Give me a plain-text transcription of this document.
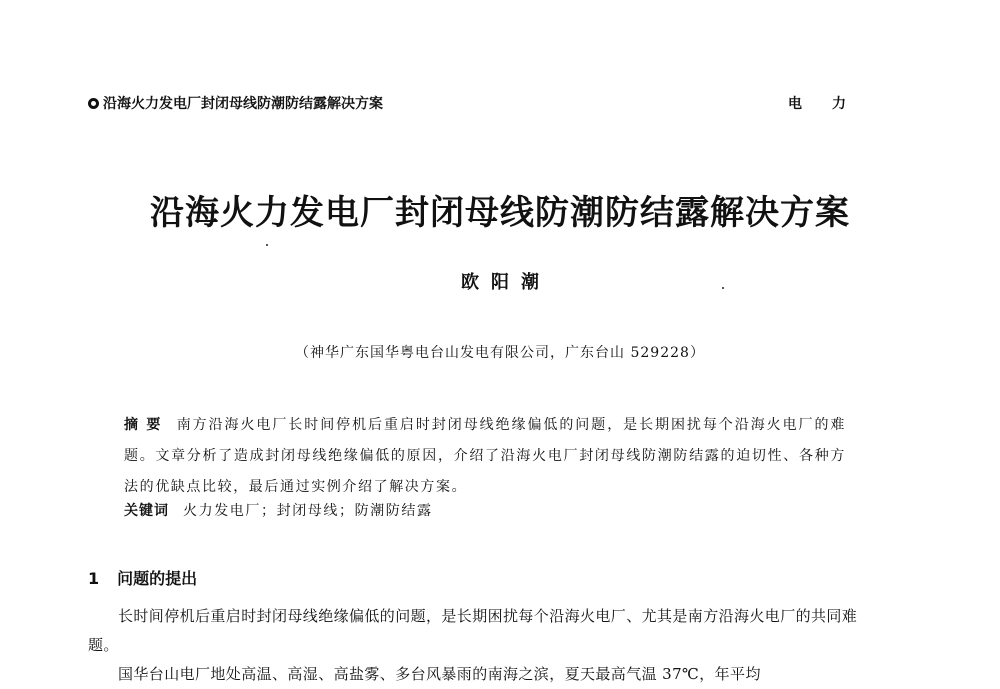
沿海火力发电厂封闭母线防潮防结露解决方案	电力
沿海火力发电厂封闭母线防潮防结露解决方案
欧阳潮
（神华广东国华粤电台山发电有限公司，广东台山 529228）
摘要 南方沿海火电厂长时间停机后重启时封闭母线绝缘偏低的问题，是长期困扰每个沿海火电厂的难题。文章分析了造成封闭母线绝缘偏低的原因，介绍了沿海火电厂封闭母线防潮防结露的迫切性、各种方法的优缺点比较，最后通过实例介绍了解决方案。
关键词 火力发电厂；封闭母线；防潮防结露
1 问题的提出

长时间停机后重启时封闭母线绝缘偏低的问题，是长期困扰每个沿海火电厂、尤其是南方沿海火电厂的共同难题。

国华台山电厂地处高温、高湿、高盐雾、多台风暴雨的南海之滨，夏天最高气温 37℃，年平均
